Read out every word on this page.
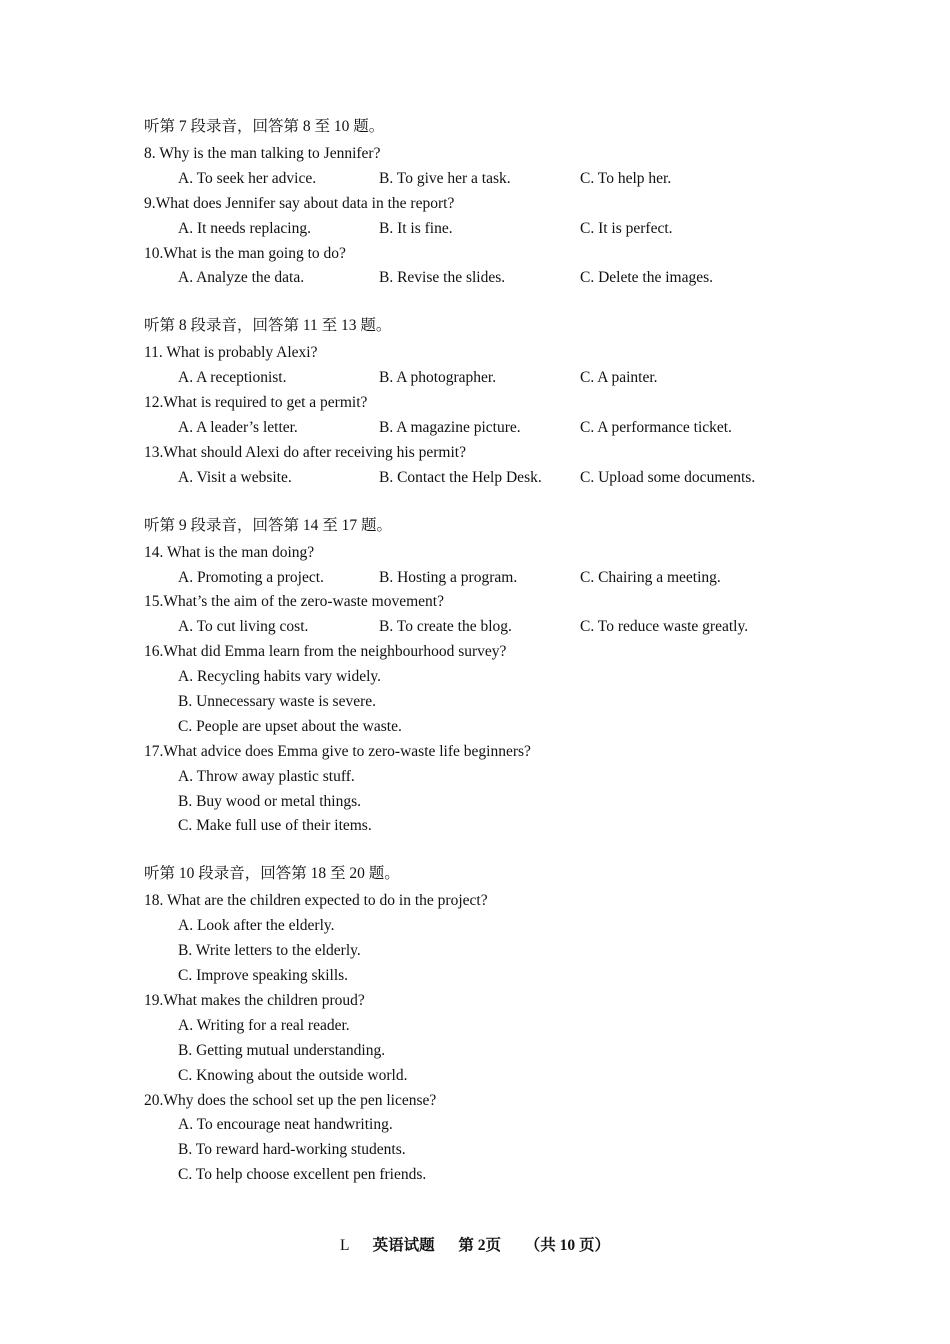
听第 7 段录音，回答第 8 至 10 题。
8. Why is the man talking to Jennifer?
A. To seek her advice.	B. To give her a task.	C. To help her.
9.What does Jennifer say about data in the report?
A. It needs replacing.	B. It is fine.	C. It is perfect.
10.What is the man going to do?
A. Analyze the data.	B. Revise the slides.	C. Delete the images.
听第 8 段录音，回答第 11 至 13 题。
11. What is probably Alexi?
A. A receptionist.	B. A photographer.	C. A painter.
12.What is required to get a permit?
A. A leader’s letter.	B. A magazine picture.	C. A performance ticket.
13.What should Alexi do after receiving his permit?
A. Visit a website.	B. Contact the Help Desk.	C. Upload some documents.
听第 9 段录音，回答第 14 至 17 题。
14. What is the man doing?
A. Promoting a project.	B. Hosting a program.	C. Chairing a meeting.
15.What’s the aim of the zero-waste movement?
A. To cut living cost.	B. To create the blog.	C. To reduce waste greatly.
16.What did Emma learn from the neighbourhood survey?
A. Recycling habits vary widely.
B. Unnecessary waste is severe.
C. People are upset about the waste.
17.What advice does Emma give to zero-waste life beginners?
A. Throw away plastic stuff.
B. Buy wood or metal things.
C. Make full use of their items.
听第 10 段录音，回答第 18 至 20 题。
18. What are the children expected to do in the project?
A. Look after the elderly.
B. Write letters to the elderly.
C. Improve speaking skills.
19.What makes the children proud?
A. Writing for a real reader.
B. Getting mutual understanding.
C. Knowing about the outside world.
20.Why does the school set up the pen license?
A. To encourage neat handwriting.
B. To reward hard-working students.
C. To help choose excellent pen friends.
L 英语试题 第 2页 （共 10 页）
